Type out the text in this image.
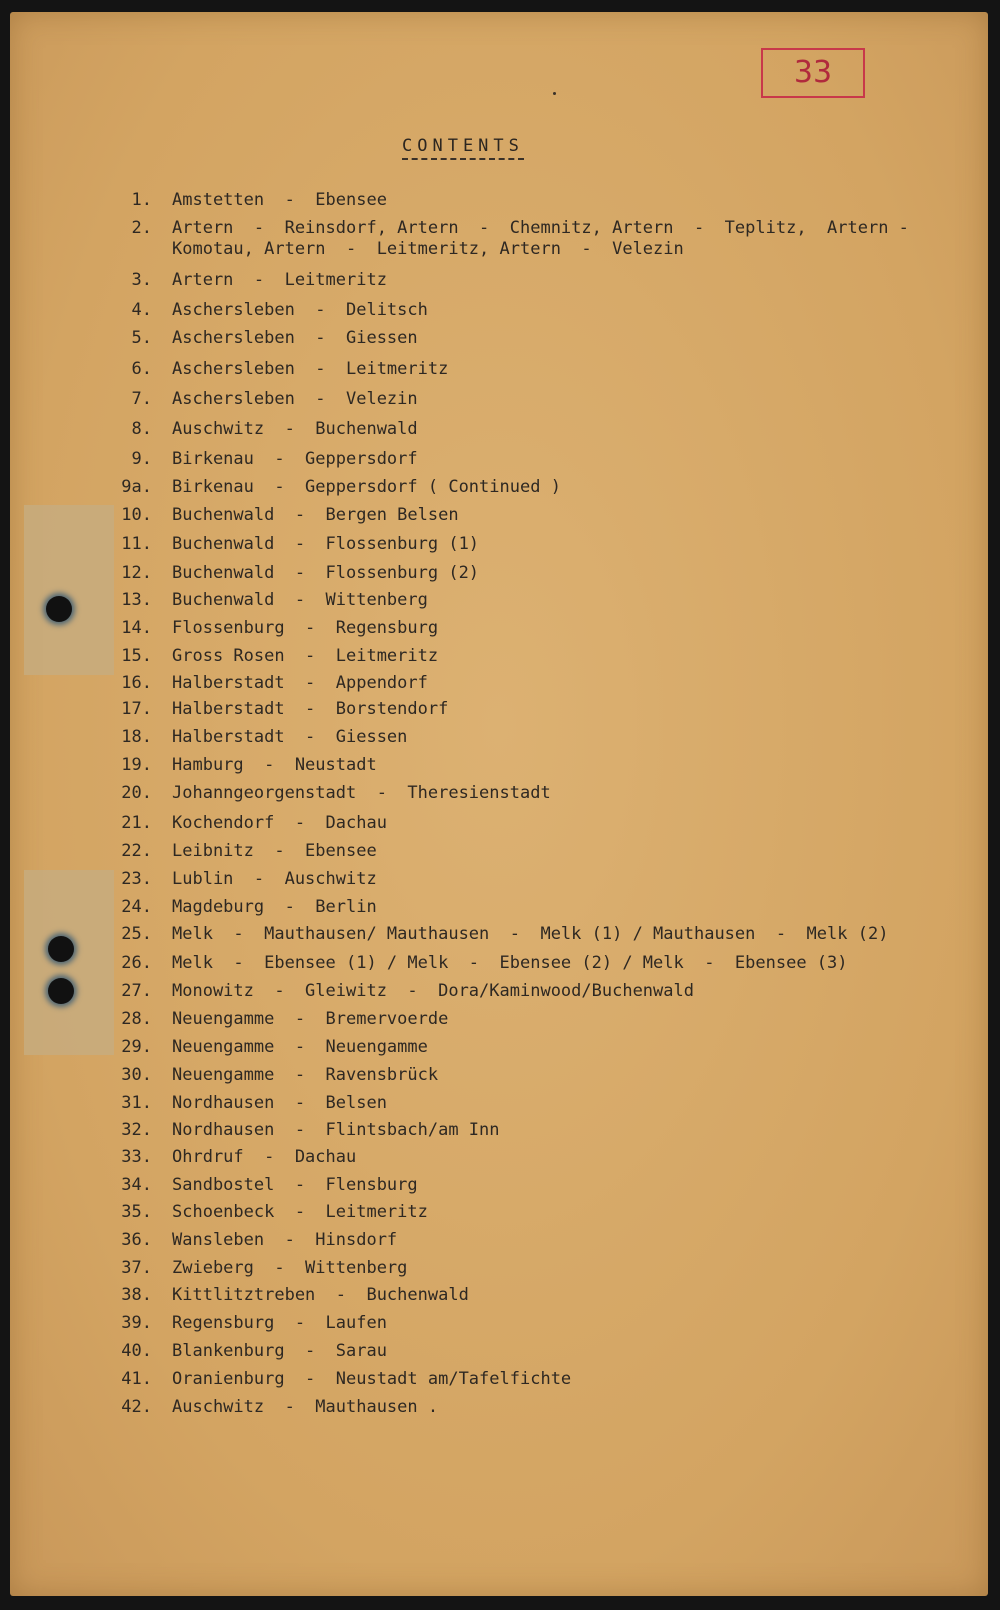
33
CONTENTS
1. Amstetten  -  Ebensee
2. Artern  -  Reinsdorf, Artern  -  Chemnitz, Artern  -  Teplitz,  Artern -
Komotau, Artern  -  Leitmeritz, Artern  -  Velezin
3. Artern  -  Leitmeritz
4. Aschersleben  -  Delitsch
5. Aschersleben  -  Giessen
6. Aschersleben  -  Leitmeritz
7. Aschersleben  -  Velezin
8. Auschwitz  -  Buchenwald
9. Birkenau  -  Geppersdorf
9a. Birkenau  -  Geppersdorf ( Continued )
10. Buchenwald  -  Bergen Belsen
11. Buchenwald  -  Flossenburg (1)
12. Buchenwald  -  Flossenburg (2)
13. Buchenwald  -  Wittenberg
14. Flossenburg  -  Regensburg
15. Gross Rosen  -  Leitmeritz
16. Halberstadt  -  Appendorf
17. Halberstadt  -  Borstendorf
18. Halberstadt  -  Giessen
19. Hamburg  -  Neustadt
20. Johanngeorgenstadt  -  Theresienstadt
21. Kochendorf  -  Dachau
22. Leibnitz  -  Ebensee
23. Lublin  -  Auschwitz
24. Magdeburg  -  Berlin
25. Melk  -  Mauthausen/ Mauthausen  -  Melk (1) / Mauthausen  -  Melk (2)
26. Melk  -  Ebensee (1) / Melk  -  Ebensee (2) / Melk  -  Ebensee (3)
27. Monowitz  -  Gleiwitz  -  Dora/Kaminwood/Buchenwald
28. Neuengamme  -  Bremervoerde
29. Neuengamme  -  Neuengamme
30. Neuengamme  -  Ravensbrück
31. Nordhausen  -  Belsen
32. Nordhausen  -  Flintsbach/am Inn
33. Ohrdruf  -  Dachau
34. Sandbostel  -  Flensburg
35. Schoenbeck  -  Leitmeritz
36. Wansleben  -  Hinsdorf
37. Zwieberg  -  Wittenberg
38. Kittlitztreben  -  Buchenwald
39. Regensburg  -  Laufen
40. Blankenburg  -  Sarau
41. Oranienburg  -  Neustadt am/Tafelfichte
42. Auschwitz  -  Mauthausen .
